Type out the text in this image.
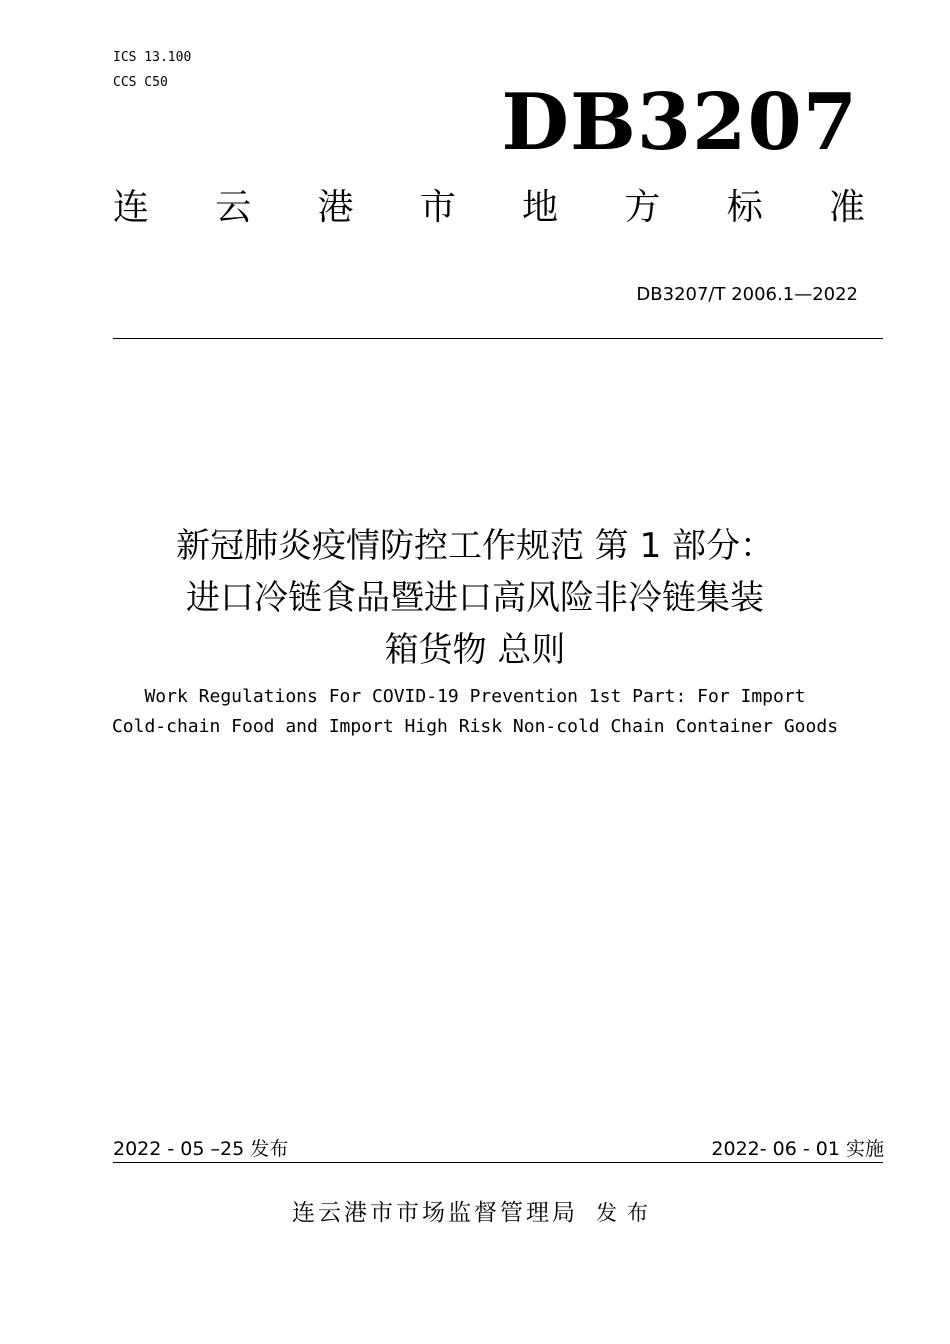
ICS 13.100
CCS C50	DB3207
连 云 港 市 地 方 标 准
DB3207/T 2006.1—2022
新冠肺炎疫情防控工作规范 第 1 部分：
进口冷链食品暨进口高风险非冷链集装
箱货物 总则
Work Regulations For COVID-19 Prevention 1st Part: For Import
Cold-chain Food and Import High Risk Non-cold Chain Container Goods
2022 - 05 –25 发布	2022- 06 - 01 实施
连云港市市场监督管理局 发布
